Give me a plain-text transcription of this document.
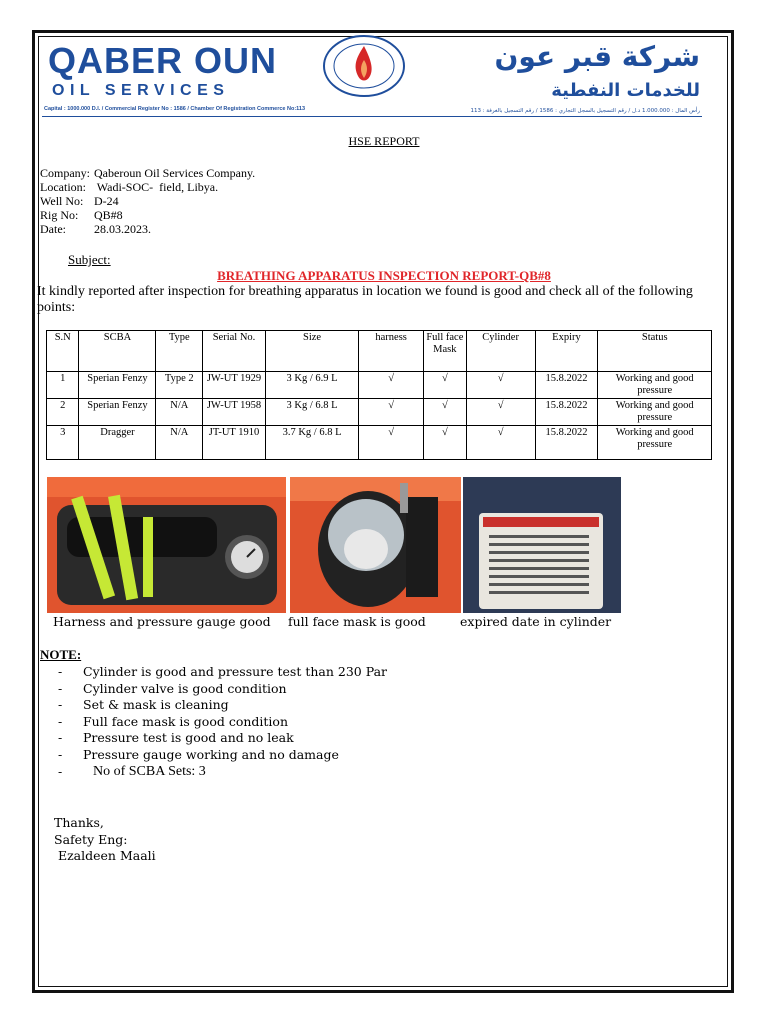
QABER OUN
OIL SERVICES
شركة قبر عون
للخدمات النفطية
Capital : 1000.000 D.l. / Commercial Register No : 1586 / Chamber Of Registration Commerce No:113	رأس المال : 1.000.000 د.ل / رقم التسجيل بالسجل التجاري : 1586 / رقم التسجيل بالغرفة : 113
HSE REPORT
Company: Qaberoun Oil Services Company.
Location: Wadi-SOC-  field, Libya.
Well No: D-24
Rig No:	QB#8
Date:	28.03.2023.
Subject:
BREATHING APPARATUS INSPECTION REPORT-QB#8
It kindly reported after inspection for breathing apparatus in location we found is good and check all of the following points:
S.N	SCBA	Type	Serial No.	Size	harness	Full face Mask	Cylinder	Expiry	Status
1	Sperian Fenzy	Type 2	JW-UT 1929	3 Kg / 6.9 L	√	√	√	15.8.2022	Working and good pressure
2	Sperian Fenzy	N/A	JW-UT 1958	3 Kg / 6.8 L	√	√	√	15.8.2022	Working and good pressure
3	Dragger	N/A	JT-UT 1910	3.7 Kg / 6.8 L	√	√	√	15.8.2022	Working and good pressure
Harness and pressure gauge good full face mask is good	expired date in cylinder
NOTE:
-	Cylinder is good and pressure test than 230 Par
-	Cylinder valve is good condition
-	Set & mask is cleaning
-	Full face mask is good condition
-	Pressure test is good and no leak
-	Pressure gauge working and no damage
-	No of SCBA Sets: 3
Thanks,
Safety Eng:
Ezaldeen Maali
